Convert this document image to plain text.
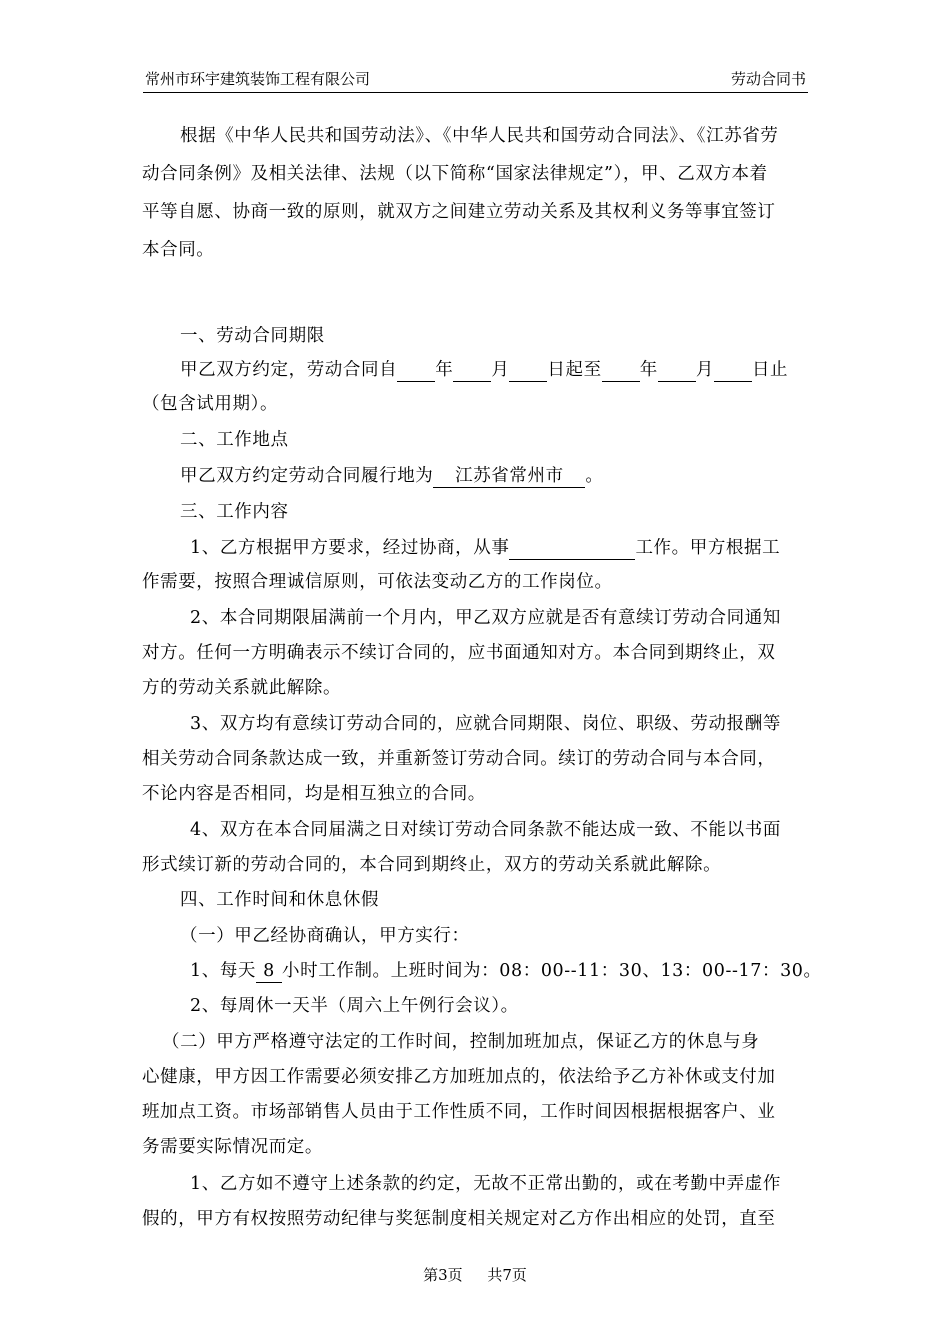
常州市环宇建筑装饰工程有限公司	劳动合同书
根据《中华人民共和国劳动法》、《中华人民共和国劳动合同法》、《江苏省劳
动合同条例》及相关法律、法规（以下简称“国家法律规定”），甲、乙双方本着
平等自愿、协商一致的原则，就双方之间建立劳动关系及其权利义务等事宜签订
本合同。
一、劳动合同期限
甲乙双方约定，劳动合同自 年 月 日起至 年 月 日止
（包含试用期）。
二、工作地点
甲乙双方约定劳动合同履行地为 江苏省常州市 。
三、工作内容
1、乙方根据甲方要求，经过协商，从事	工作。甲方根据工
作需要，按照合理诚信原则，可依法变动乙方的工作岗位。
2、本合同期限届满前一个月内，甲乙双方应就是否有意续订劳动合同通知
对方。任何一方明确表示不续订合同的，应书面通知对方。本合同到期终止，双
方的劳动关系就此解除。
3、双方均有意续订劳动合同的，应就合同期限、岗位、职级、劳动报酬等
相关劳动合同条款达成一致，并重新签订劳动合同。续订的劳动合同与本合同，
不论内容是否相同，均是相互独立的合同。
4、双方在本合同届满之日对续订劳动合同条款不能达成一致、不能以书面
形式续订新的劳动合同的，本合同到期终止，双方的劳动关系就此解除。
四、工作时间和休息休假
（一）甲乙经协商确认，甲方实行：
1、每天 8 小时工作制。上班时间为：08：00--11：30、13：00--17：30。
2、每周休一天半（周六上午例行会议）。
（二）甲方严格遵守法定的工作时间，控制加班加点，保证乙方的休息与身
心健康，甲方因工作需要必须安排乙方加班加点的，依法给予乙方补休或支付加
班加点工资。市场部销售人员由于工作性质不同，工作时间因根据根据客户、业
务需要实际情况而定。
1、乙方如不遵守上述条款的约定，无故不正常出勤的，或在考勤中弄虚作
假的，甲方有权按照劳动纪律与奖惩制度相关规定对乙方作出相应的处罚，直至
第3页 共7页
